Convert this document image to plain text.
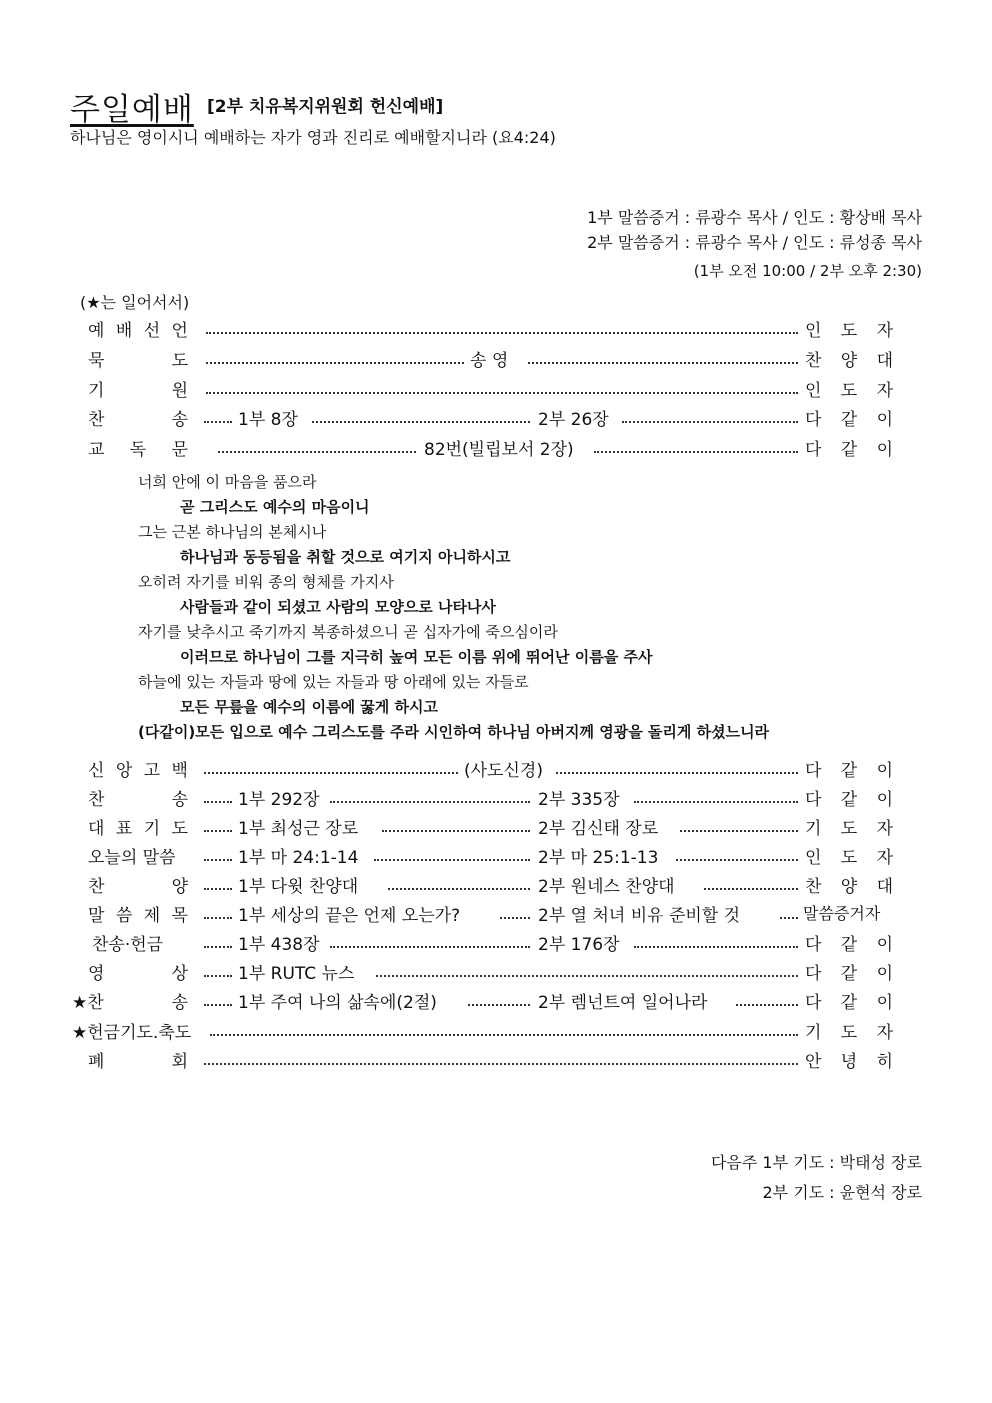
주일예배 [2부 치유복지위원회 헌신예배]
하나님은 영이시니 예배하는 자가 영과 진리로 예배할지니라 (요4:24)
1부 말씀증거 : 류광수 목사 / 인도 : 황상배 목사
2부 말씀증거 : 류광수 목사 / 인도 : 류성종 목사
(1부 오전 10:00 / 2부 오후 2:30)
(★는 일어서서)
예 배 선 언	인 도 자
묵	도	송 영	찬 양 대
기	원	인 도 자
찬	송	1부 8장	2부 26장	다 같 이
교 독 문	82번(빌립보서 2장)	다 같 이
너희 안에 이 마음을 품으라
곧 그리스도 예수의 마음이니
그는 근본 하나님의 본체시나
하나님과 동등됨을 취할 것으로 여기지 아니하시고
오히려 자기를 비워 종의 형체를 가지사
사람들과 같이 되셨고 사람의 모양으로 나타나사
자기를 낮추시고 죽기까지 복종하셨으니 곧 십자가에 죽으심이라
이러므로 하나님이 그를 지극히 높여 모든 이름 위에 뛰어난 이름을 주사
하늘에 있는 자들과 땅에 있는 자들과 땅 아래에 있는 자들로
모든 무릎을 예수의 이름에 꿇게 하시고
(다같이)모든 입으로 예수 그리스도를 주라 시인하여 하나님 아버지께 영광을 돌리게 하셨느니라
신 앙 고 백	(사도신경)	다 같 이
찬	송	1부 292장	2부 335장	다 같 이
대 표 기 도	1부 최성근 장로	2부 김신태 장로	기 도 자
오늘의 말씀	1부 마 24:1-14	2부 마 25:1-13	인 도 자
찬	양	1부 다윗 찬양대	2부 원네스 찬양대	찬 양 대
말 씀 제 목	1부 세상의 끝은 언제 오는가?	2부 열 처녀 비유 준비할 것	말씀증거자
찬송·헌금	1부 438장	2부 176장	다 같 이
영	상	1부 RUTC 뉴스	다 같 이
★찬	송	1부 주여 나의 삶속에(2절)	2부 렘넌트여 일어나라	다 같 이
★헌금기도.축도	기 도 자
폐	회	안 녕 히
다음주 1부 기도 : 박태성 장로
2부 기도 : 윤현석 장로
